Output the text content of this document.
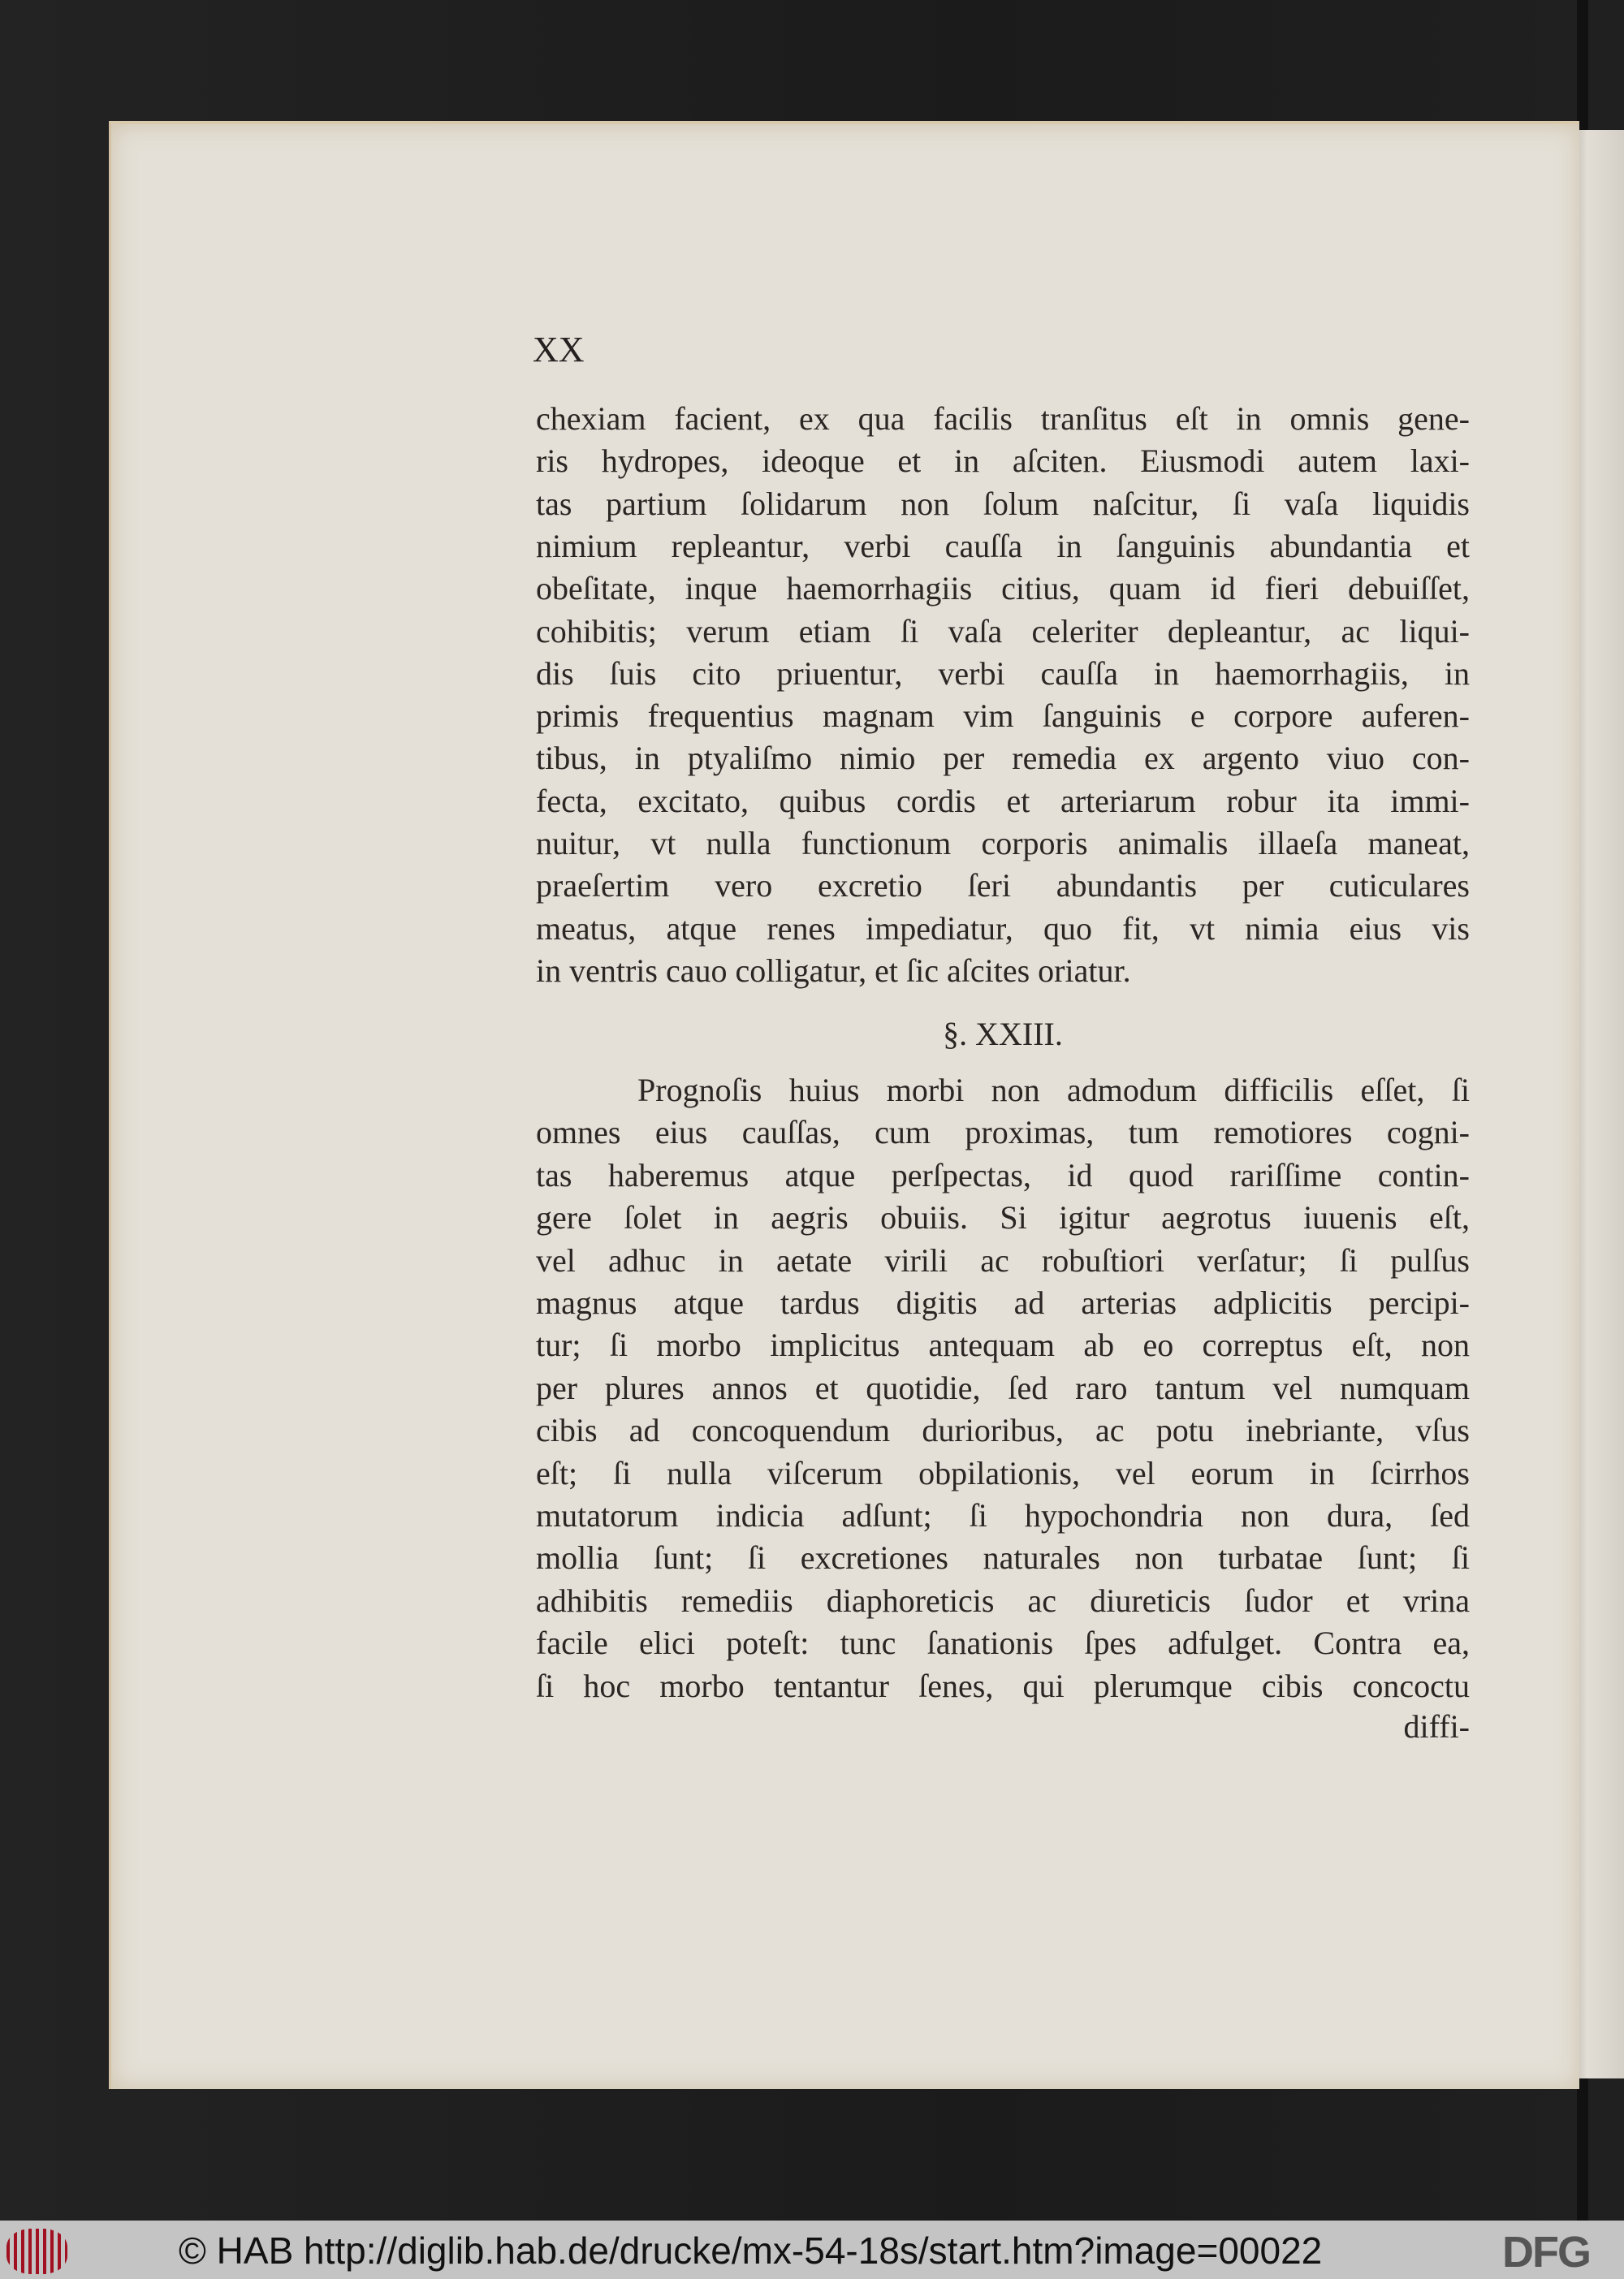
XX
chexiam facient, ex qua facilis tranſitus eſt in omnis gene-
ris hydropes, ideoque et in aſciten. Eiusmodi autem laxi-
tas partium ſolidarum non ſolum naſcitur, ſi vaſa liquidis
nimium repleantur, verbi cauſſa in ſanguinis abundantia et
obeſitate, inque haemorrhagiis citius, quam id fieri debuiſſet,
cohibitis; verum etiam ſi vaſa celeriter depleantur, ac liqui-
dis ſuis cito priuentur, verbi cauſſa in haemorrhagiis, in
primis frequentius magnam vim ſanguinis e corpore auferen-
tibus, in ptyaliſmo nimio per remedia ex argento viuo con-
fecta, excitato, quibus cordis et arteriarum robur ita immi-
nuitur, vt nulla functionum corporis animalis illaeſa maneat,
praeſertim vero excretio ſeri abundantis per cuticulares
meatus, atque renes impediatur, quo fit, vt nimia eius vis
in ventris cauo colligatur, et ſic aſcites oriatur.
§. XXIII.
Prognoſis huius morbi non admodum difficilis eſſet, ſi
omnes eius cauſſas, cum proximas, tum remotiores cogni-
tas haberemus atque perſpectas, id quod rariſſime contin-
gere ſolet in aegris obuiis. Si igitur aegrotus iuuenis eſt,
vel adhuc in aetate virili ac robuſtiori verſatur; ſi pulſus
magnus atque tardus digitis ad arterias adplicitis percipi-
tur; ſi morbo implicitus antequam ab eo correptus eſt, non
per plures annos et quotidie, ſed raro tantum vel numquam
cibis ad concoquendum durioribus, ac potu inebriante, vſus
eſt; ſi nulla viſcerum obpilationis, vel eorum in ſcirrhos
mutatorum indicia adſunt; ſi hypochondria non dura, ſed
mollia ſunt; ſi excretiones naturales non turbatae ſunt; ſi
adhibitis remediis diaphoreticis ac diureticis ſudor et vrina
facile elici poteſt: tunc ſanationis ſpes adfulget. Contra ea,
ſi hoc morbo tentantur ſenes, qui plerumque cibis concoctu
diffi-
© HAB http://diglib.hab.de/drucke/mx-54-18s/start.htm?image=00022	DFG
